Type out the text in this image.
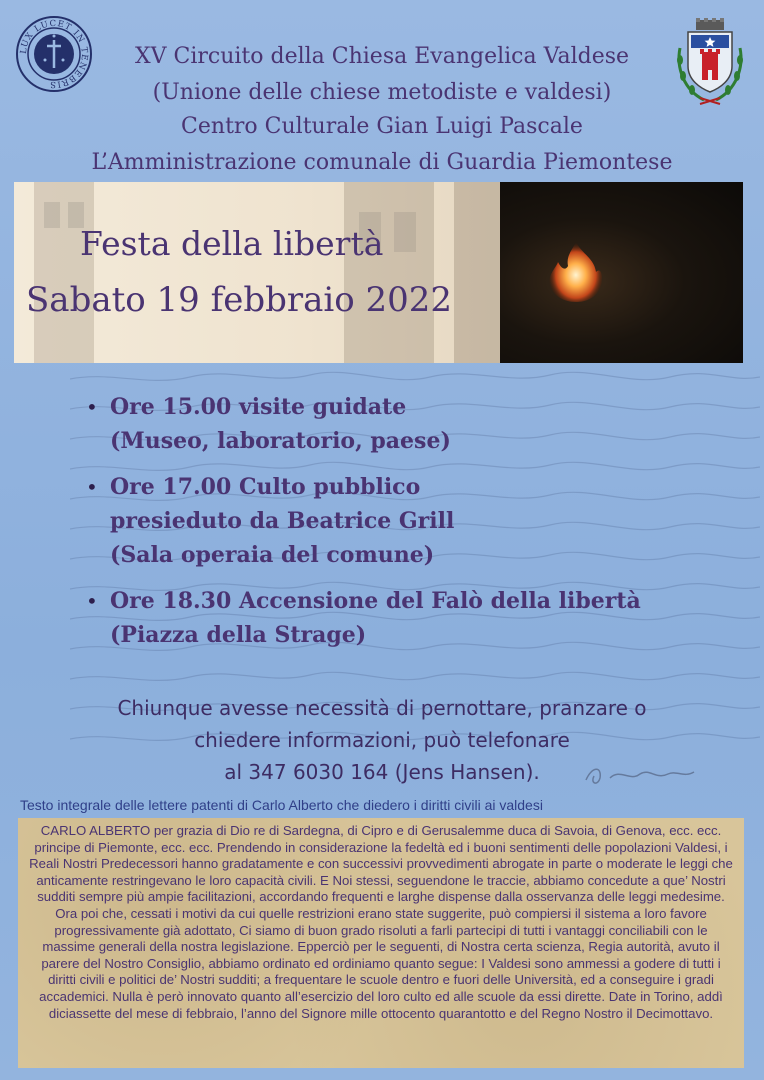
LUX LUCET IN TENEBRIS
XV Circuito della Chiesa Evangelica Valdese
(Unione delle chiese metodiste e valdesi)
Centro Culturale Gian Luigi Pascale
L’Amministrazione comunale di Guardia Piemontese
Festa della libertà
Sabato 19 febbraio 2022
• Ore 15.00 visite guidate
(Museo, laboratorio, paese)
• Ore 17.00 Culto pubblico
presieduto da Beatrice Grill
(Sala operaia del comune)
• Ore 18.30 Accensione del Falò della libertà
(Piazza della Strage)
Chiunque avesse necessità di pernottare, pranzare o
chiedere informazioni, può telefonare
al 347 6030 164 (Jens Hansen).
Testo integrale delle lettere patenti di Carlo Alberto che diedero i diritti civili ai valdesi

CARLO ALBERTO per grazia di Dio re di Sardegna, di Cipro e di Gerusalemme duca di Savoia, di Genova, ecc. ecc. principe di Piemonte, ecc. ecc. Prendendo in considerazione la fedeltà ed i buoni sentimenti delle popolazioni Valdesi, i Reali Nostri Predecessori hanno gradatamente e con successivi provvedimenti abrogate in parte o moderate le leggi che anticamente restringevano le loro capacità civili. E Noi stessi, seguendone le traccie, abbiamo concedute a que’ Nostri sudditi sempre più ampie facilitazioni, accordando frequenti e larghe dispense dalla osservanza delle leggi medesime. Ora poi che, cessati i motivi da cui quelle restrizioni erano state suggerite, può compiersi il sistema a loro favore progressivamente già adottato, Ci siamo di buon grado risoluti a farli partecipi di tutti i vantaggi conciliabili con le massime generali della nostra legislazione. Epperciò per le seguenti, di Nostra certa scienza, Regia autorità, avuto il parere del Nostro Consiglio, abbiamo ordinato ed ordiniamo quanto segue: I Valdesi sono ammessi a godere di tutti i diritti civili e politici de’ Nostri sudditi; a frequentare le scuole dentro e fuori delle Università, ed a conseguire i gradi accademici. Nulla è però innovato quanto all’esercizio del loro culto ed alle scuole da essi dirette. Date in Torino, addì diciassette del mese di febbraio, l’anno del Signore mille ottocento quarantotto e del Regno Nostro il Decimottavo.
